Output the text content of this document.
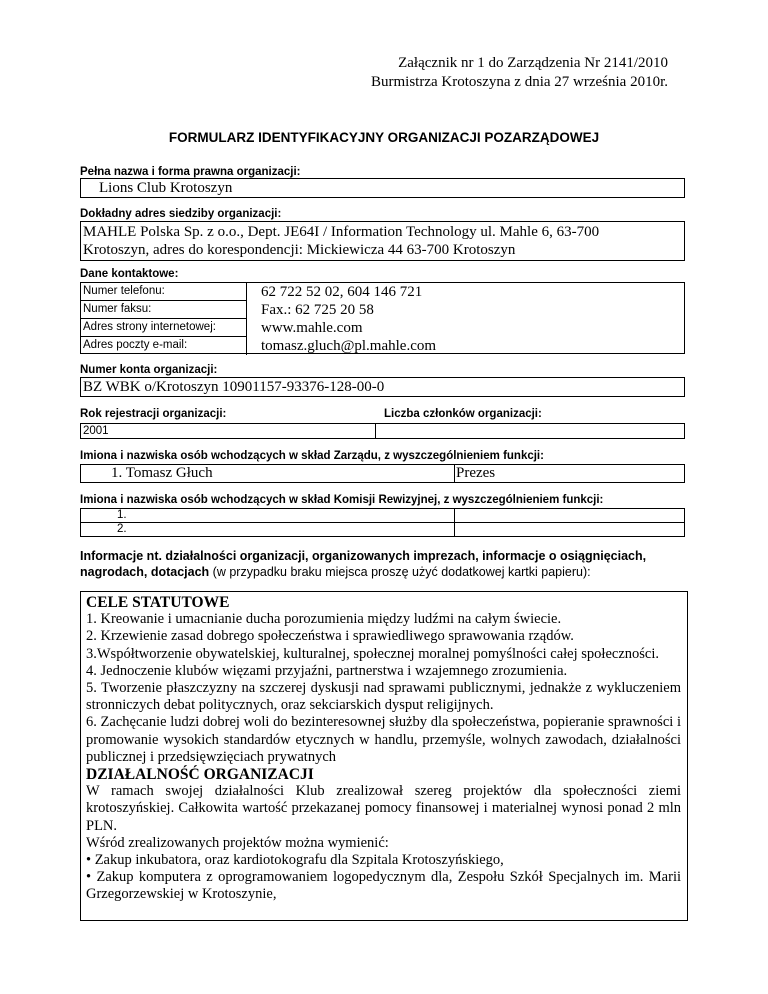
Załącznik nr 1 do Zarządzenia Nr 2141/2010
Burmistrza Krotoszyna z dnia 27 września 2010r.
FORMULARZ IDENTYFIKACYJNY ORGANIZACJI POZARZĄDOWEJ
Pełna nazwa i forma prawna organizacji:
Lions Club Krotoszyn
Dokładny adres siedziby organizacji:
MAHLE Polska Sp. z o.o., Dept. JE64I / Information Technology ul. Mahle 6, 63-700
Krotoszyn, adres do korespondencji: Mickiewicza 44 63-700 Krotoszyn
Dane kontaktowe:
Numer telefonu:	62 722 52 02, 604 146 721
Numer faksu:	Fax.: 62 725 20 58
Adres strony internetowej:	www.mahle.com
Adres poczty e-mail:	tomasz.gluch@pl.mahle.com
Numer konta organizacji:
BZ WBK o/Krotoszyn 10901157-93376-128-00-0
Rok rejestracji organizacji:	Liczba członków organizacji:
2001
Imiona i nazwiska osób wchodzących w skład Zarządu, z wyszczególnieniem funkcji:
1. Tomasz Głuch	Prezes
Imiona i nazwiska osób wchodzących w skład Komisji Rewizyjnej, z wyszczególnieniem funkcji:
1.
2.
Informacje nt. działalności organizacji, organizowanych imprezach, informacje o osiągnięciach, nagrodach, dotacjach (w przypadku braku miejsca proszę użyć dodatkowej kartki papieru):

CELE STATUTOWE

1. Kreowanie i umacnianie ducha porozumienia między ludźmi na całym świecie.

2. Krzewienie zasad dobrego społeczeństwa i sprawiedliwego sprawowania rządów.

3.Współtworzenie obywatelskiej, kulturalnej, społecznej moralnej pomyślności całej społeczności.

4. Jednoczenie klubów więzami przyjaźni, partnerstwa i wzajemnego zrozumienia.

5. Tworzenie płaszczyzny na szczerej dyskusji nad sprawami publicznymi, jednakże z wykluczeniem stronniczych debat politycznych, oraz sekciarskich dysput religijnych.

6. Zachęcanie ludzi dobrej woli do bezinteresownej służby dla społeczeństwa, popieranie sprawności i promowanie wysokich standardów etycznych w handlu, przemyśle, wolnych zawodach, działalności publicznej i przedsięwzięciach prywatnych

DZIAŁALNOŚĆ ORGANIZACJI

W ramach swojej działalności Klub zrealizował szereg projektów dla społeczności ziemi krotoszyńskiej. Całkowita wartość przekazanej pomocy finansowej i materialnej wynosi ponad 2 mln PLN.

Wśród zrealizowanych projektów można wymienić:

• Zakup inkubatora, oraz kardiotokografu dla Szpitala Krotoszyńskiego,

• Zakup komputera z oprogramowaniem logopedycznym dla, Zespołu Szkół Specjalnych im. Marii Grzegorzewskiej w Krotoszynie,
